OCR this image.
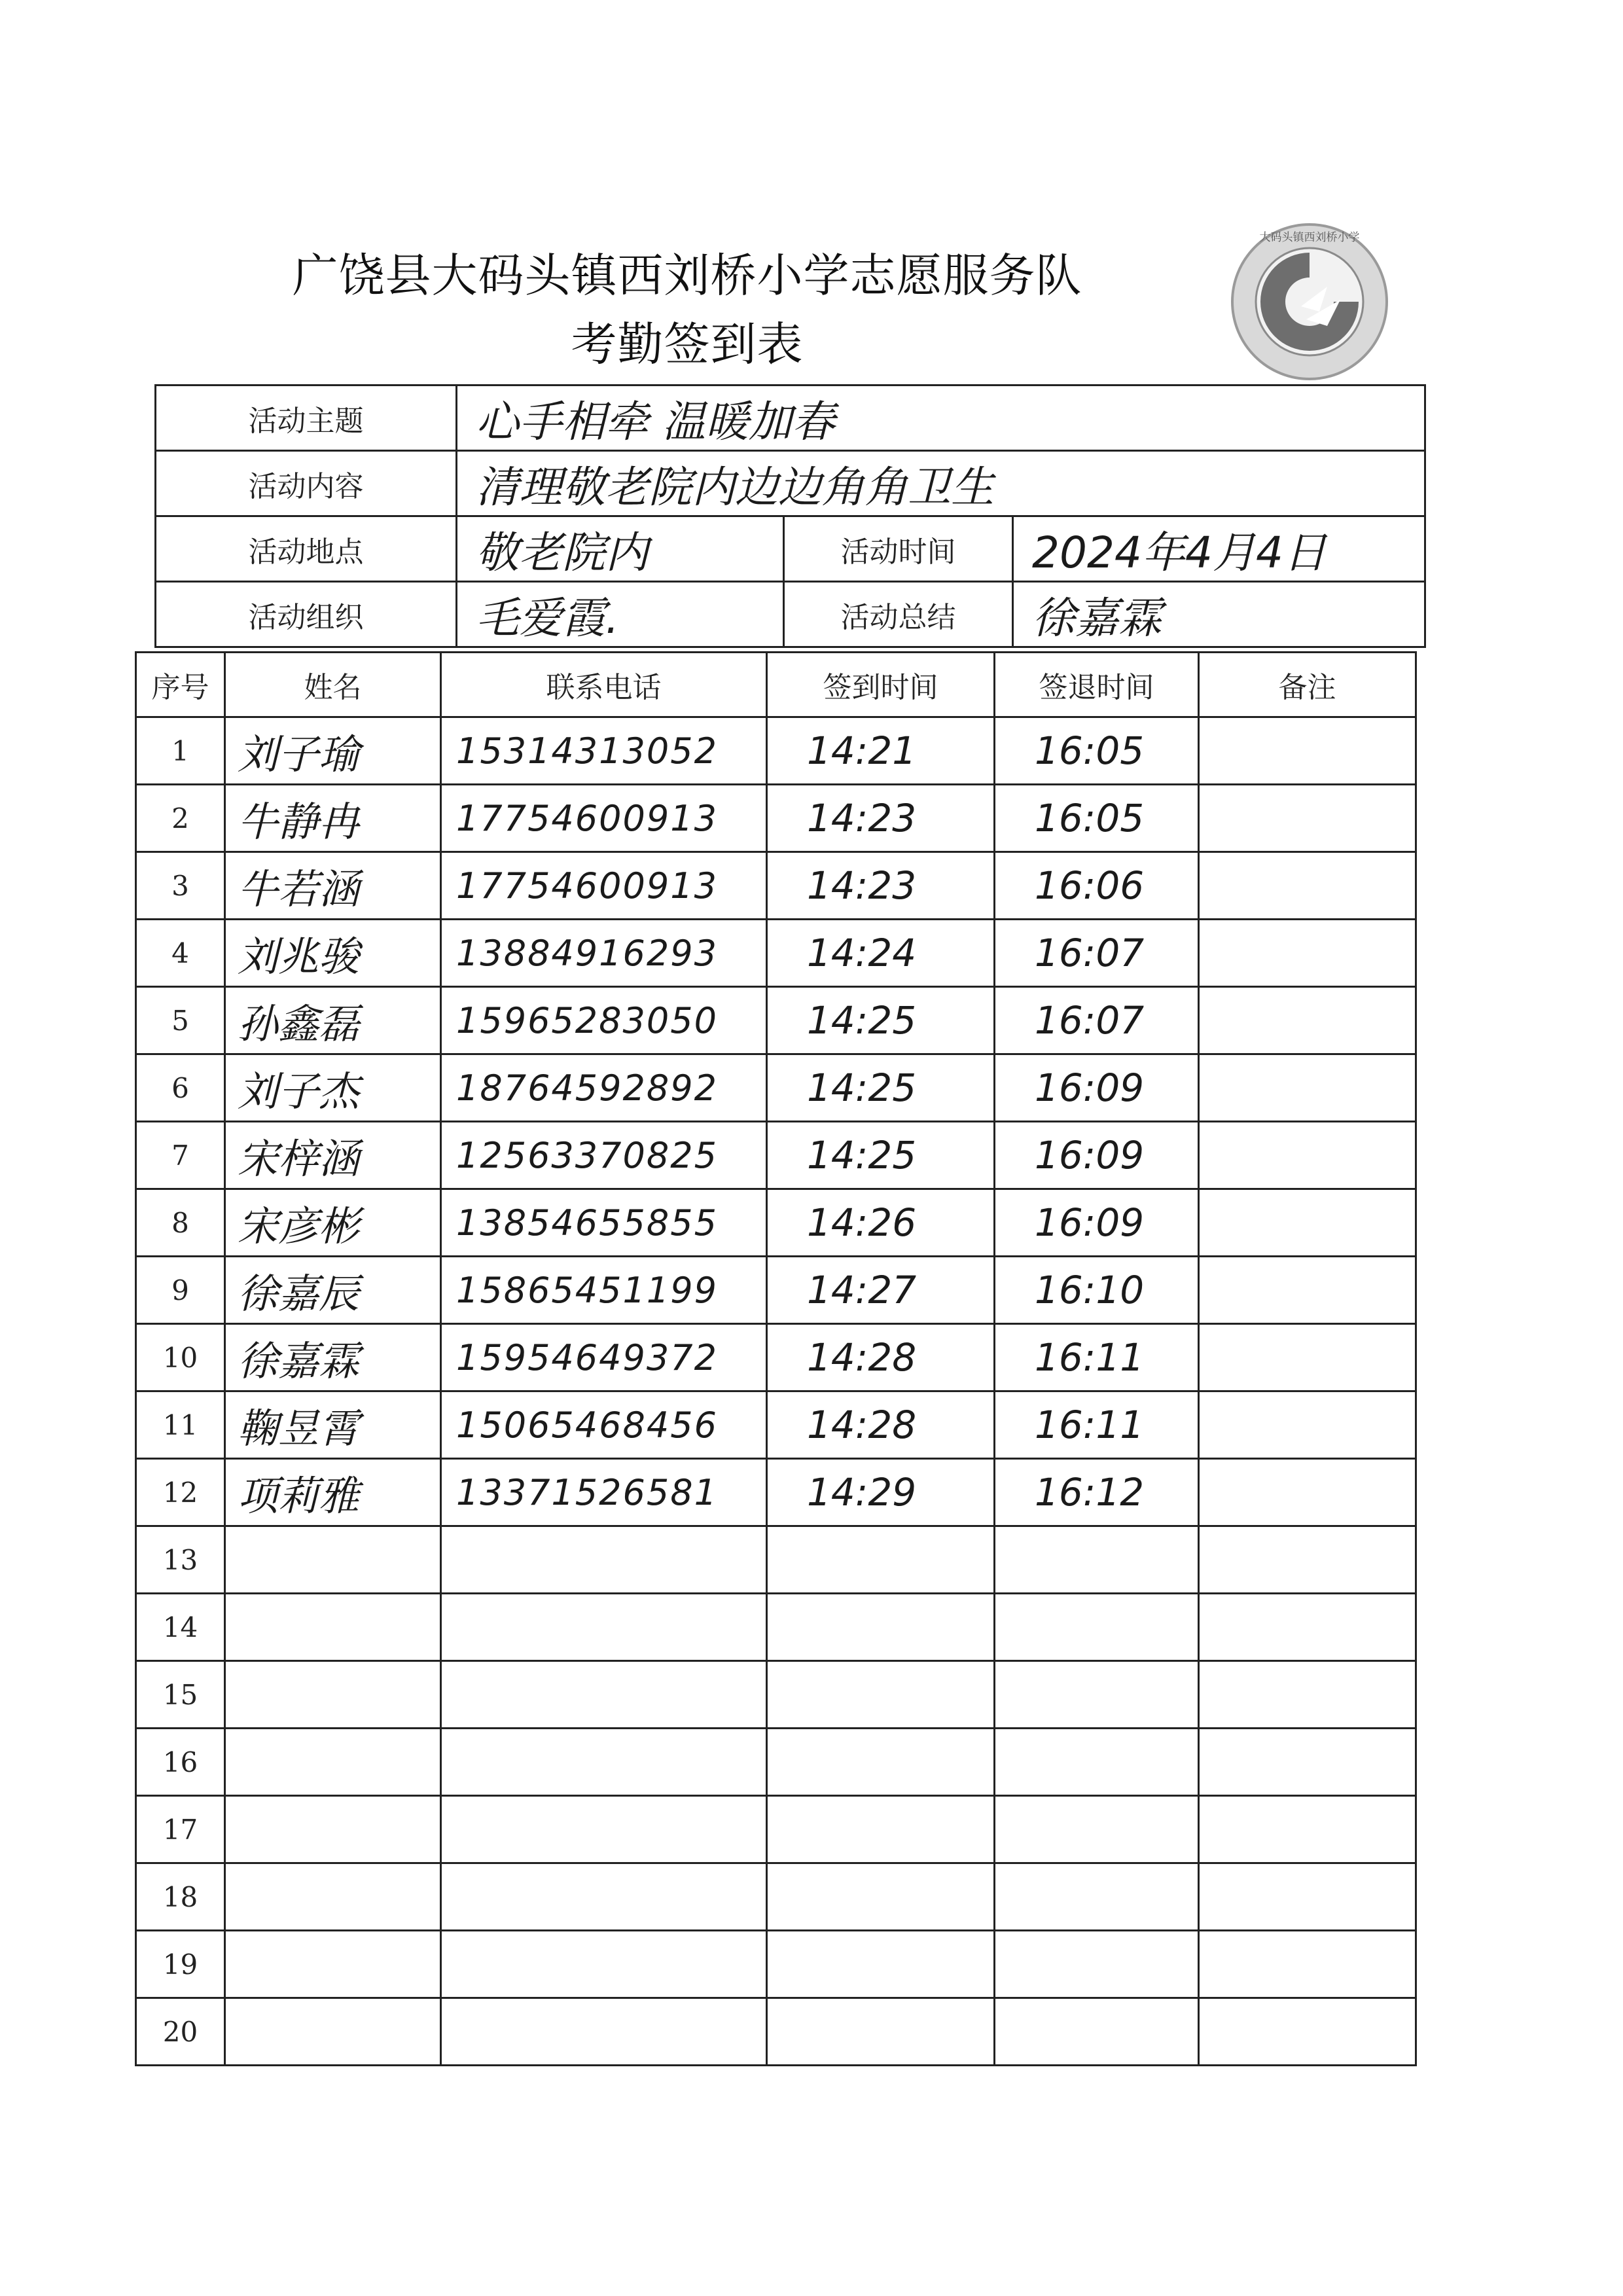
广饶县大码头镇西刘桥小学志愿服务队
考勤签到表
大码头镇西刘桥小学
活动主题	心手相牵 温暖加春		
活动内容	清理敬老院内边边角角卫生		
活动地点	敬老院内	活动时间	2024年4月4日
活动组织	毛爱霞.	活动总结	徐嘉霖
序号	姓名	联系电话	签到时间	签退时间	备注
1	刘子瑜	15314313052	14:21	16:05	
2	牛静冉	17754600913	14:23	16:05	
3	牛若涵	17754600913	14:23	16:06	
4	刘兆骏	13884916293	14:24	16:07	
5	孙鑫磊	15965283050	14:25	16:07	
6	刘子杰	18764592892	14:25	16:09	
7	宋梓涵	12563370825	14:25	16:09	
8	宋彦彬	13854655855	14:26	16:09	
9	徐嘉辰	15865451199	14:27	16:10	
10	徐嘉霖	15954649372	14:28	16:11	
11	鞠昱霄	15065468456	14:28	16:11	
12	项莉雅	13371526581	14:29	16:12	
13					
14					
15					
16					
17					
18					
19					
20					
